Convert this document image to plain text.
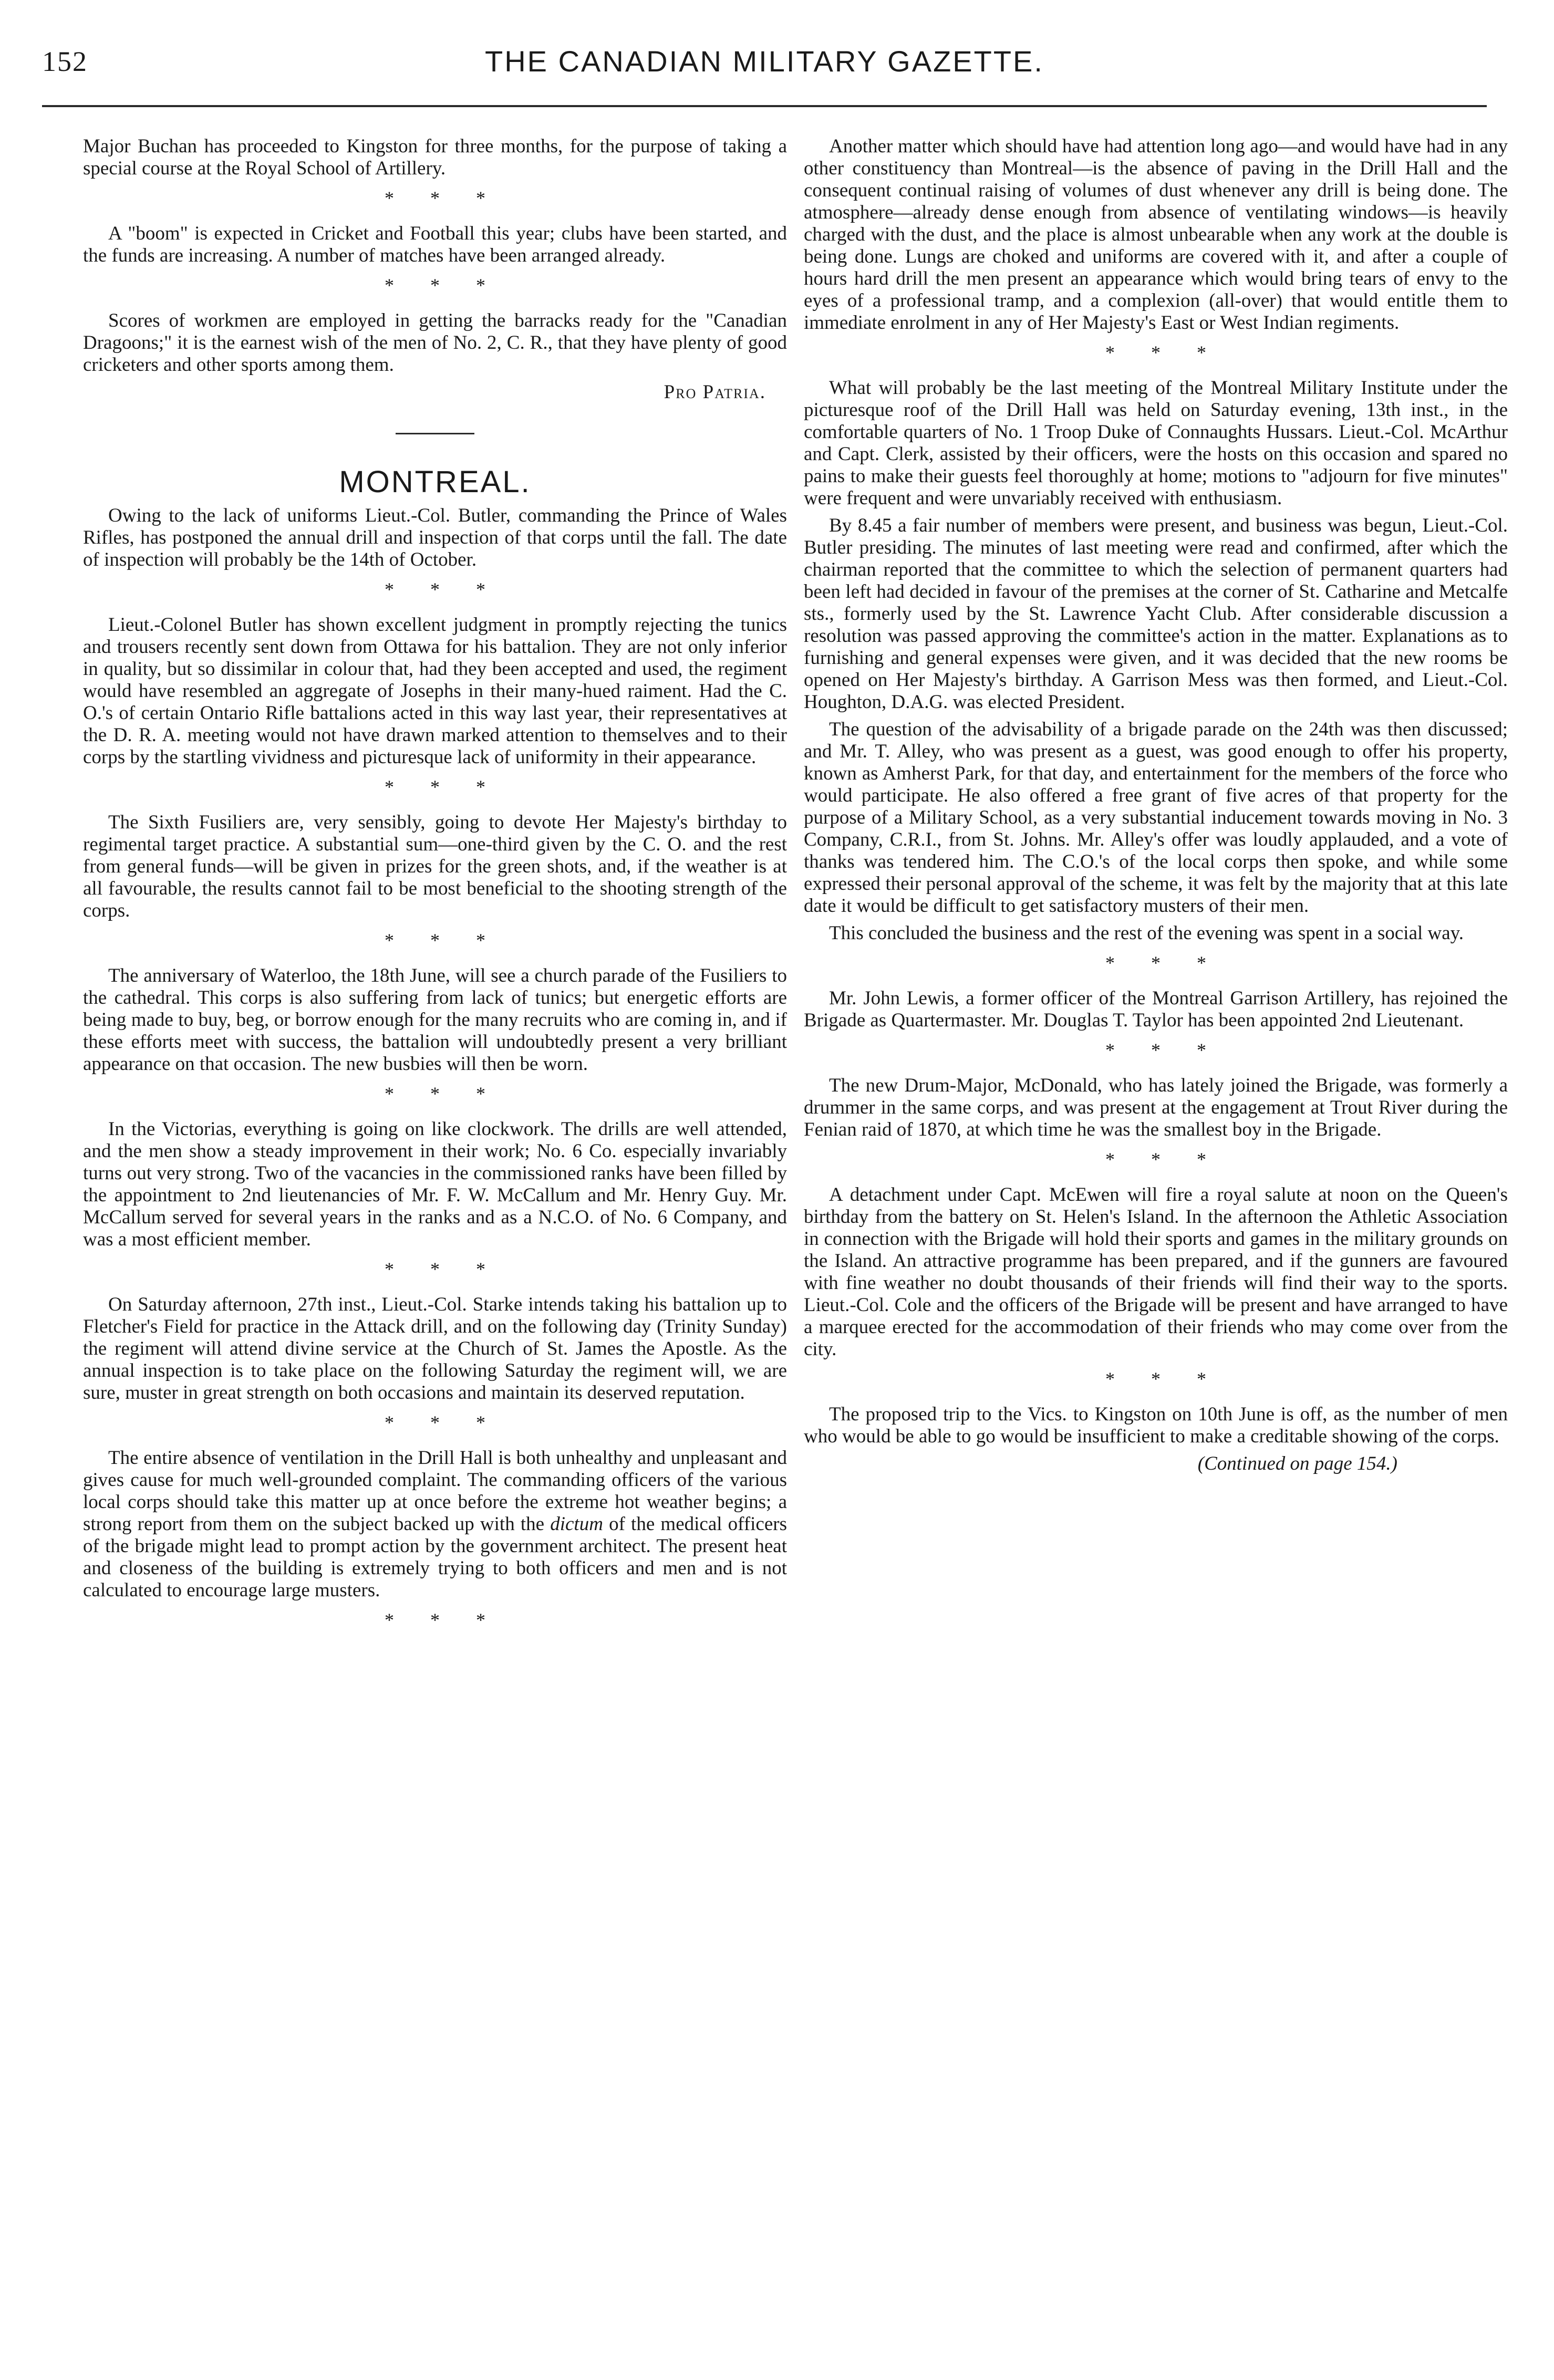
152	THE CANADIAN MILITARY GAZETTE.

Major Buchan has proceeded to Kingston for three months, for the purpose of taking a special course at the Royal School of Artillery.

* * *

A "boom" is expected in Cricket and Football this year; clubs have been started, and the funds are increasing. A number of matches have been arranged already.

* * *

Scores of workmen are employed in getting the barracks ready for the "Canadian Dragoons;" it is the earnest wish of the men of No. 2, C. R., that they have plenty of good cricketers and other sports among them.

Pro Patria.
MONTREAL.

Owing to the lack of uniforms Lieut.-Col. Butler, commanding the Prince of Wales Rifles, has postponed the annual drill and inspection of that corps until the fall. The date of inspection will probably be the 14th of October.

* * *

Lieut.-Colonel Butler has shown excellent judgment in promptly rejecting the tunics and trousers recently sent down from Ottawa for his battalion. They are not only inferior in quality, but so dissimilar in colour that, had they been accepted and used, the regiment would have resembled an aggregate of Josephs in their many-hued raiment. Had the C. O.'s of certain Ontario Rifle battalions acted in this way last year, their representatives at the D. R. A. meeting would not have drawn marked attention to themselves and to their corps by the startling vividness and picturesque lack of uniformity in their appearance.

* * *

The Sixth Fusiliers are, very sensibly, going to devote Her Majesty's birthday to regimental target practice. A substantial sum—one-third given by the C. O. and the rest from general funds—will be given in prizes for the green shots, and, if the weather is at all favourable, the results cannot fail to be most beneficial to the shooting strength of the corps.

* * *

The anniversary of Waterloo, the 18th June, will see a church parade of the Fusiliers to the cathedral. This corps is also suffering from lack of tunics; but energetic efforts are being made to buy, beg, or borrow enough for the many recruits who are coming in, and if these efforts meet with success, the battalion will undoubtedly present a very brilliant appearance on that occasion. The new busbies will then be worn.

* * *

In the Victorias, everything is going on like clockwork. The drills are well attended, and the men show a steady improvement in their work; No. 6 Co. especially invariably turns out very strong. Two of the vacancies in the commissioned ranks have been filled by the appointment to 2nd lieutenancies of Mr. F. W. McCallum and Mr. Henry Guy. Mr. McCallum served for several years in the ranks and as a N.C.O. of No. 6 Company, and was a most efficient member.

* * *

On Saturday afternoon, 27th inst., Lieut.-Col. Starke intends taking his battalion up to Fletcher's Field for practice in the Attack drill, and on the following day (Trinity Sunday) the regiment will attend divine service at the Church of St. James the Apostle. As the annual inspection is to take place on the following Saturday the regiment will, we are sure, muster in great strength on both occasions and maintain its deserved reputation.

* * *

The entire absence of ventilation in the Drill Hall is both unhealthy and unpleasant and gives cause for much well-grounded complaint. The commanding officers of the various local corps should take this matter up at once before the extreme hot weather begins; a strong report from them on the subject backed up with the dictum of the medical officers of the brigade might lead to prompt action by the government architect. The present heat and closeness of the building is extremely trying to both officers and men and is not calculated to encourage large musters.

* * *

Another matter which should have had attention long ago—and would have had in any other constituency than Montreal—is the absence of paving in the Drill Hall and the consequent continual raising of volumes of dust whenever any drill is being done. The atmosphere—already dense enough from absence of ventilating windows—is heavily charged with the dust, and the place is almost unbearable when any work at the double is being done. Lungs are choked and uniforms are covered with it, and after a couple of hours hard drill the men present an appearance which would bring tears of envy to the eyes of a professional tramp, and a complexion (all-over) that would entitle them to immediate enrolment in any of Her Majesty's East or West Indian regiments.

* * *

What will probably be the last meeting of the Montreal Military Institute under the picturesque roof of the Drill Hall was held on Saturday evening, 13th inst., in the comfortable quarters of No. 1 Troop Duke of Connaughts Hussars. Lieut.-Col. McArthur and Capt. Clerk, assisted by their officers, were the hosts on this occasion and spared no pains to make their guests feel thoroughly at home; motions to "adjourn for five minutes" were frequent and were unvariably received with enthusiasm.

By 8.45 a fair number of members were present, and business was begun, Lieut.-Col. Butler presiding. The minutes of last meeting were read and confirmed, after which the chairman reported that the committee to which the selection of permanent quarters had been left had decided in favour of the premises at the corner of St. Catharine and Metcalfe sts., formerly used by the St. Lawrence Yacht Club. After considerable discussion a resolution was passed approving the committee's action in the matter. Explanations as to furnishing and general expenses were given, and it was decided that the new rooms be opened on Her Majesty's birthday. A Garrison Mess was then formed, and Lieut.-Col. Houghton, D.A.G. was elected President.

The question of the advisability of a brigade parade on the 24th was then discussed; and Mr. T. Alley, who was present as a guest, was good enough to offer his property, known as Amherst Park, for that day, and entertainment for the members of the force who would participate. He also offered a free grant of five acres of that property for the purpose of a Military School, as a very substantial inducement towards moving in No. 3 Company, C.R.I., from St. Johns. Mr. Alley's offer was loudly applauded, and a vote of thanks was tendered him. The C.O.'s of the local corps then spoke, and while some expressed their personal approval of the scheme, it was felt by the majority that at this late date it would be difficult to get satisfactory musters of their men.

This concluded the business and the rest of the evening was spent in a social way.

* * *

Mr. John Lewis, a former officer of the Montreal Garrison Artillery, has rejoined the Brigade as Quartermaster. Mr. Douglas T. Taylor has been appointed 2nd Lieutenant.

* * *

The new Drum-Major, McDonald, who has lately joined the Brigade, was formerly a drummer in the same corps, and was present at the engagement at Trout River during the Fenian raid of 1870, at which time he was the smallest boy in the Brigade.

* * *

A detachment under Capt. McEwen will fire a royal salute at noon on the Queen's birthday from the battery on St. Helen's Island. In the afternoon the Athletic Association in connection with the Brigade will hold their sports and games in the military grounds on the Island. An attractive programme has been prepared, and if the gunners are favoured with fine weather no doubt thousands of their friends will find their way to the sports. Lieut.-Col. Cole and the officers of the Brigade will be present and have arranged to have a marquee erected for the accommodation of their friends who may come over from the city.

* * *

The proposed trip to the Vics. to Kingston on 10th June is off, as the number of men who would be able to go would be insufficient to make a creditable showing of the corps.

(Continued on page 154.)
